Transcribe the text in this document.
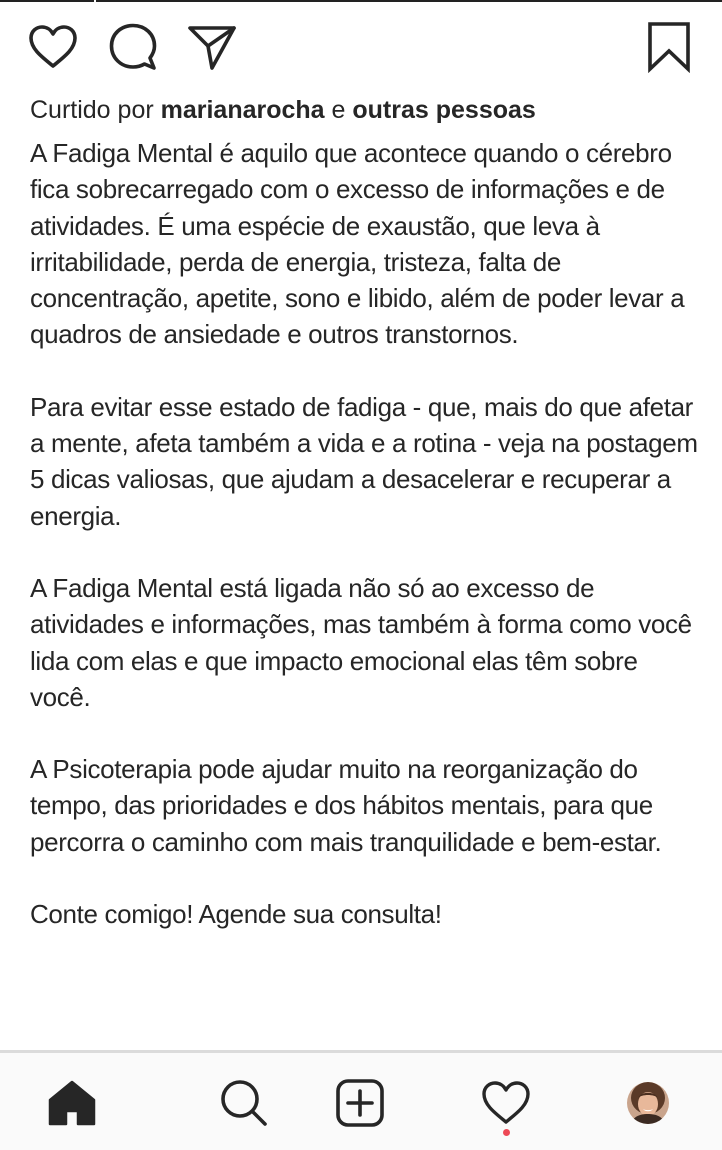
Curtido por marianarocha e outras pessoas

A Fadiga Mental é aquilo que acontece quando o cérebro fica sobrecarregado com o excesso de informações e de atividades. É uma espécie de exaustão, que leva à irritabilidade, perda de energia, tristeza, falta de concentração, apetite, sono e libido, além de poder levar a quadros de ansiedade e outros transtornos.

Para evitar esse estado de fadiga - que, mais do que afetar a mente, afeta também a vida e a rotina - veja na postagem 5 dicas valiosas, que ajudam a desacelerar e recuperar a energia.

A Fadiga Mental está ligada não só ao excesso de atividades e informações, mas também à forma como você lida com elas e que impacto emocional elas têm sobre você.

A Psicoterapia pode ajudar muito na reorganização do tempo, das prioridades e dos hábitos mentais, para que percorra o caminho com mais tranquilidade e bem-estar.

Conte comigo! Agende sua consulta!
